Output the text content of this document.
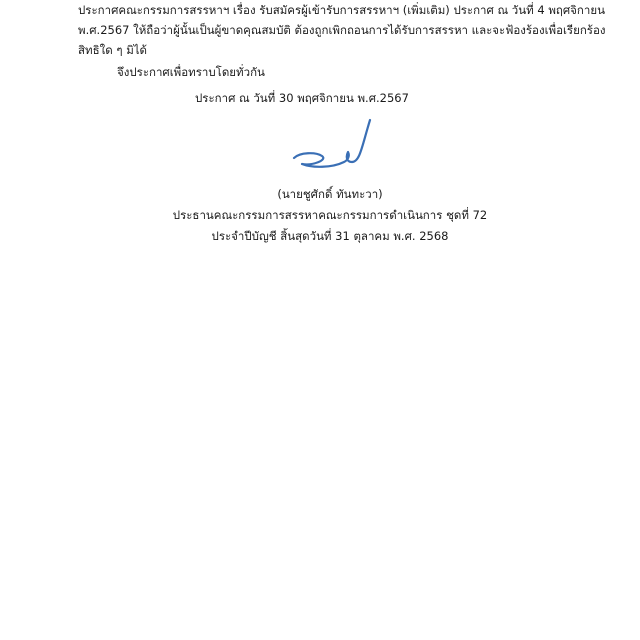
ประกาศคณะกรรมการสรรหาฯ เรื่อง รับสมัครผู้เข้ารับการสรรหาฯ (เพิ่มเติม) ประกาศ ณ วันที่ 4 พฤศจิกายน
พ.ศ.2567 ให้ถือว่าผู้นั้นเป็นผู้ขาดคุณสมบัติ ต้องถูกเพิกถอนการได้รับการสรรหา และจะฟ้องร้องเพื่อเรียกร้อง
สิทธิใด ๆ มิได้

จึงประกาศเพื่อทราบโดยทั่วกัน

ประกาศ ณ วันที่ 30 พฤศจิกายน พ.ศ.2567

(นายชูศักดิ์ ทันทะวา)
ประธานคณะกรรมการสรรหาคณะกรรมการดำเนินการ ชุดที่ 72
ประจำปีบัญชี สิ้นสุดวันที่ 31 ตุลาคม พ.ศ. 2568
